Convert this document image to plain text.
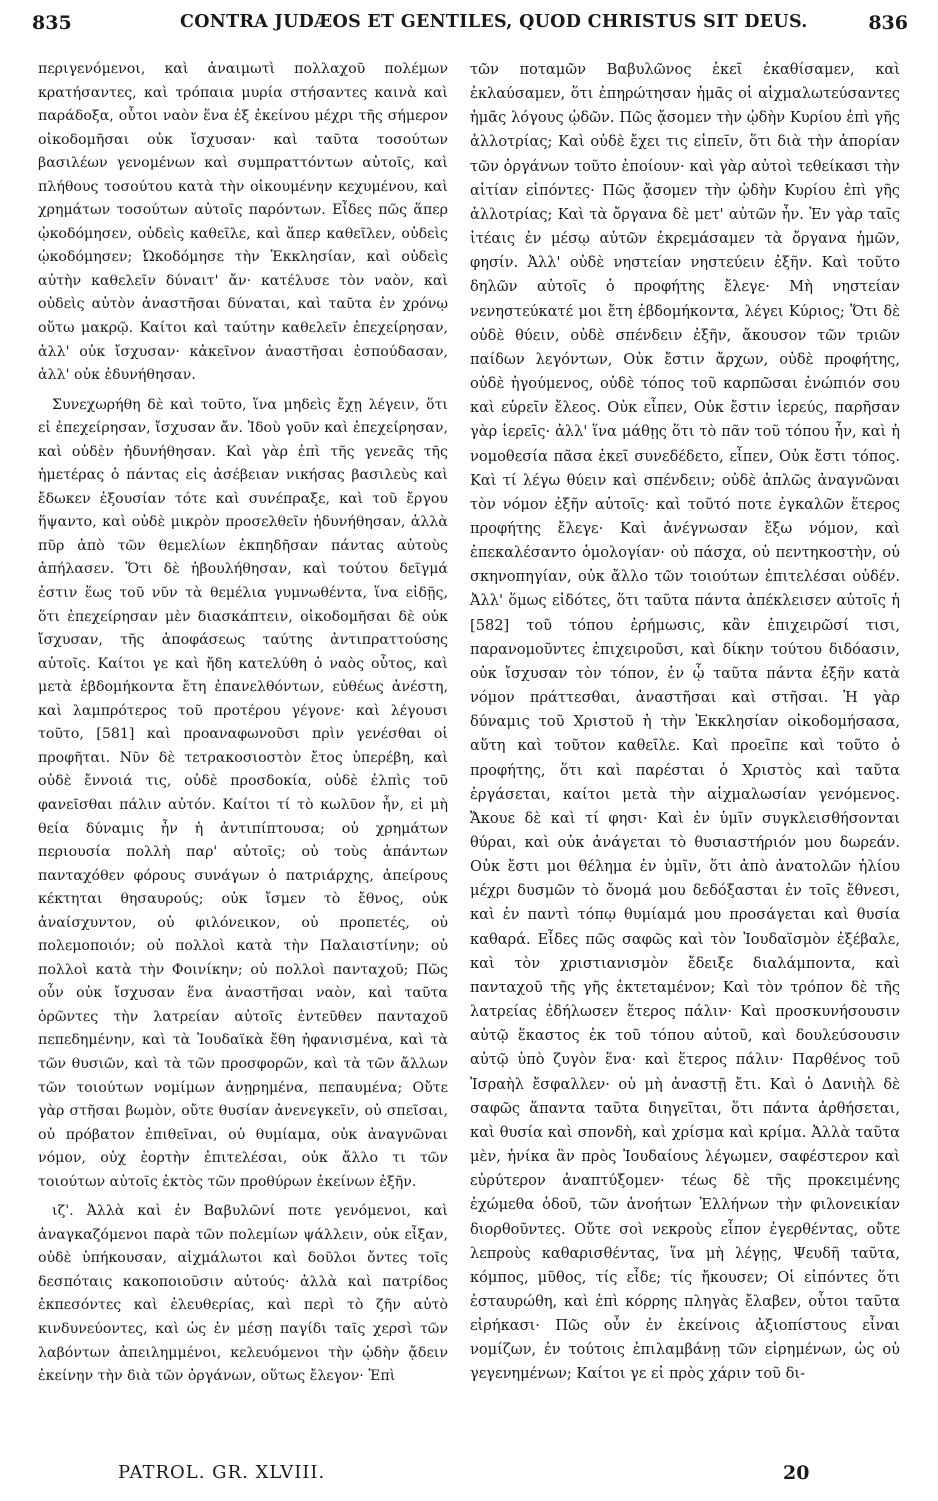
835	CONTRA JUDÆOS ET GENTILES, QUOD CHRISTUS SIT DEUS.	836

περιγενόμενοι, καὶ ἀναιμωτὶ πολλαχοῦ πολέμων κρατήσαντες, καὶ τρόπαια μυρία στήσαντες καινὰ καὶ παράδοξα, οὗτοι ναὸν ἕνα ἐξ ἐκείνου μέχρι τῆς σήμερον οἰκοδομῆσαι οὐκ ἴσχυσαν· καὶ ταῦτα τοσούτων βασιλέων γενομένων καὶ συμπραττόντων αὐτοῖς, καὶ πλήθους τοσούτου κατὰ τὴν οἰκουμένην κεχυμένου, καὶ χρημάτων τοσούτων αὐτοῖς παρόντων. Εἶδες πῶς ἅπερ ᾠκοδόμησεν, οὐδεὶς καθεῖλε, καὶ ἅπερ καθεῖλεν, οὐδεὶς ᾠκοδόμησεν; Ὠκοδόμησε τὴν Ἐκκλησίαν, καὶ οὐδεὶς αὐτὴν καθελεῖν δύναιτ' ἄν· κατέλυσε τὸν ναὸν, καὶ οὐδεὶς αὐτὸν ἀναστῆσαι δύναται, καὶ ταῦτα ἐν χρόνῳ οὕτω μακρῷ. Καίτοι καὶ ταύτην καθελεῖν ἐπεχείρησαν, ἀλλ' οὐκ ἴσχυσαν· κἀκεῖνον ἀναστῆσαι ἐσπούδασαν, ἀλλ' οὐκ ἐδυνήθησαν.

Συνεχωρήθη δὲ καὶ τοῦτο, ἵνα μηδεὶς ἔχῃ λέγειν, ὅτι εἰ ἐπεχείρησαν, ἴσχυσαν ἄν. Ἰδοὺ γοῦν καὶ ἐπεχείρησαν, καὶ οὐδὲν ἠδυνήθησαν. Καὶ γὰρ ἐπὶ τῆς γενεᾶς τῆς ἡμετέρας ὁ πάντας εἰς ἀσέβειαν νικήσας βασιλεὺς καὶ ἔδωκεν ἐξουσίαν τότε καὶ συνέπραξε, καὶ τοῦ ἔργου ἥψαντο, καὶ οὐδὲ μικρὸν προσελθεῖν ἠδυνήθησαν, ἀλλὰ πῦρ ἀπὸ τῶν θεμελίων ἐκπηδῆσαν πάντας αὐτοὺς ἀπήλασεν. Ὅτι δὲ ἠβουλήθησαν, καὶ τούτου δεῖγμά ἐστιν ἕως τοῦ νῦν τὰ θεμέλια γυμνωθέντα, ἵνα εἰδῇς, ὅτι ἐπεχείρησαν μὲν διασκάπτειν, οἰκοδομῆσαι δὲ οὐκ ἴσχυσαν, τῆς ἀποφάσεως ταύτης ἀντιπραττούσης αὐτοῖς. Καίτοι γε καὶ ἤδη κατελύθη ὁ ναὸς οὗτος, καὶ μετὰ ἑβδομήκοντα ἔτη ἐπανελθόντων, εὐθέως ἀνέστη, καὶ λαμπρότερος τοῦ προτέρου γέγονε· καὶ λέγουσι τοῦτο, [581] καὶ προαναφωνοῦσι πρὶν γενέσθαι οἱ προφῆται. Νῦν δὲ τετρακοσιοστὸν ἔτος ὑπερέβη, καὶ οὐδὲ ἔννοιά τις, οὐδὲ προσδοκία, οὐδὲ ἐλπὶς τοῦ φανεῖσθαι πάλιν αὐτόν. Καίτοι τί τὸ κωλῦον ἦν, εἰ μὴ θεία δύναμις ἦν ἡ ἀντιπίπτουσα; οὐ χρημάτων περιουσία πολλὴ παρ' αὐτοῖς; οὐ τοὺς ἁπάντων πανταχόθεν φόρους συνάγων ὁ πατριάρχης, ἀπείρους κέκτηται θησαυρούς; οὐκ ἴσμεν τὸ ἔθνος, οὐκ ἀναίσχυντον, οὐ φιλόνεικον, οὐ προπετές, οὐ πολεμοποιόν; οὐ πολλοὶ κατὰ τὴν Παλαιστίνην; οὐ πολλοὶ κατὰ τὴν Φοινίκην; οὐ πολλοὶ πανταχοῦ; Πῶς οὖν οὐκ ἴσχυσαν ἕνα ἀναστῆσαι ναὸν, καὶ ταῦτα ὁρῶντες τὴν λατρείαν αὐτοῖς ἐντεῦθεν πανταχοῦ πεπεδημένην, καὶ τὰ Ἰουδαϊκὰ ἔθη ἠφανισμένα, καὶ τὰ τῶν θυσιῶν, καὶ τὰ τῶν προσφορῶν, καὶ τὰ τῶν ἄλλων τῶν τοιούτων νομίμων ἀνῃρημένα, πεπαυμένα; Οὔτε γὰρ στῆσαι βωμὸν, οὔτε θυσίαν ἀνενεγκεῖν, οὐ σπεῖσαι, οὐ πρόβατον ἐπιθεῖναι, οὐ θυμίαμα, οὐκ ἀναγνῶναι νόμον, οὐχ ἑορτὴν ἐπιτελέσαι, οὐκ ἄλλο τι τῶν τοιούτων αὐτοῖς ἐκτὸς τῶν προθύρων ἐκείνων ἐξῆν.

ιζ'. Ἀλλὰ καὶ ἐν Βαβυλῶνί ποτε γενόμενοι, καὶ ἀναγκαζόμενοι παρὰ τῶν πολεμίων ψάλλειν, οὐκ εἶξαν, οὐδὲ ὑπήκουσαν, αἰχμάλωτοι καὶ δοῦλοι ὄντες τοῖς δεσπόταις κακοποιοῦσιν αὐτούς· ἀλλὰ καὶ πατρίδος ἐκπεσόντες καὶ ἐλευθερίας, καὶ περὶ τὸ ζῆν αὐτὸ κινδυνεύοντες, καὶ ὡς ἐν μέσῃ παγίδι ταῖς χερσὶ τῶν λαβόντων ἀπειλημμένοι, κελευόμενοι τὴν ᾠδὴν ᾄδειν ἐκείνην τὴν διὰ τῶν ὀργάνων, οὕτως ἔλεγον· Ἐπὶ

τῶν ποταμῶν Βαβυλῶνος ἐκεῖ ἐκαθίσαμεν, καὶ ἐκλαύσαμεν, ὅτι ἐπηρώτησαν ἡμᾶς οἱ αἰχμαλωτεύσαντες ἡμᾶς λόγους ᾠδῶν. Πῶς ᾄσομεν τὴν ᾠδὴν Κυρίου ἐπὶ γῆς ἀλλοτρίας; Καὶ οὐδὲ ἔχει τις εἰπεῖν, ὅτι διὰ τὴν ἀπορίαν τῶν ὀργάνων τοῦτο ἐποίουν· καὶ γὰρ αὐτοὶ τεθείκασι τὴν αἰτίαν εἰπόντες· Πῶς ᾄσομεν τὴν ᾠδὴν Κυρίου ἐπὶ γῆς ἀλλοτρίας; Καὶ τὰ ὄργανα δὲ μετ' αὐτῶν ἦν. Ἐν γὰρ ταῖς ἰτέαις ἐν μέσῳ αὐτῶν ἐκρεμάσαμεν τὰ ὄργανα ἡμῶν, φησίν. Ἀλλ' οὐδὲ νηστείαν νηστεύειν ἐξῆν. Καὶ τοῦτο δηλῶν αὐτοῖς ὁ προφήτης ἔλεγε· Μὴ νηστείαν νενηστεύκατέ μοι ἔτη ἑβδομήκοντα, λέγει Κύριος; Ὅτι δὲ οὐδὲ θύειν, οὐδὲ σπένδειν ἐξῆν, ἄκουσον τῶν τριῶν παίδων λεγόντων, Οὐκ ἔστιν ἄρχων, οὐδὲ προφήτης, οὐδὲ ἡγούμενος, οὐδὲ τόπος τοῦ καρπῶσαι ἐνώπιόν σου καὶ εὑρεῖν ἔλεος. Οὐκ εἶπεν, Οὐκ ἔστιν ἱερεύς, παρῆσαν γὰρ ἱερεῖς· ἀλλ' ἵνα μάθῃς ὅτι τὸ πᾶν τοῦ τόπου ἦν, καὶ ἡ νομοθεσία πᾶσα ἐκεῖ συνεδέδετο, εἶπεν, Οὐκ ἔστι τόπος. Καὶ τί λέγω θύειν καὶ σπένδειν; οὐδὲ ἁπλῶς ἀναγνῶναι τὸν νόμον ἐξῆν αὐτοῖς· καὶ τοῦτό ποτε ἐγκαλῶν ἕτερος προφήτης ἔλεγε· Καὶ ἀνέγνωσαν ἔξω νόμον, καὶ ἐπεκαλέσαντο ὁμολογίαν· οὐ πάσχα, οὐ πεντηκοστὴν, οὐ σκηνοπηγίαν, οὐκ ἄλλο τῶν τοιούτων ἐπιτελέσαι οὐδέν. Ἀλλ' ὅμως εἰδότες, ὅτι ταῦτα πάντα ἀπέκλεισεν αὐτοῖς ἡ [582] τοῦ τόπου ἐρήμωσις, κἂν ἐπιχειρῶσί τισι, παρανομοῦντες ἐπιχειροῦσι, καὶ δίκην τούτου διδόασιν, οὐκ ἴσχυσαν τὸν τόπον, ἐν ᾧ ταῦτα πάντα ἐξῆν κατὰ νόμον πράττεσθαι, ἀναστῆσαι καὶ στῆσαι. Ἡ γὰρ δύναμις τοῦ Χριστοῦ ἡ τὴν Ἐκκλησίαν οἰκοδομήσασα, αὕτη καὶ τοῦτον καθεῖλε. Καὶ προεῖπε καὶ τοῦτο ὁ προφήτης, ὅτι καὶ παρέσται ὁ Χριστὸς καὶ ταῦτα ἐργάσεται, καίτοι μετὰ τὴν αἰχμαλωσίαν γενόμενος. Ἄκουε δὲ καὶ τί φησι· Καὶ ἐν ὑμῖν συγκλεισθήσονται θύραι, καὶ οὐκ ἀνάγεται τὸ θυσιαστήριόν μου δωρεάν. Οὐκ ἔστι μοι θέλημα ἐν ὑμῖν, ὅτι ἀπὸ ἀνατολῶν ἡλίου μέχρι δυσμῶν τὸ ὄνομά μου δεδόξασται ἐν τοῖς ἔθνεσι, καὶ ἐν παντὶ τόπῳ θυμίαμά μου προσάγεται καὶ θυσία καθαρά. Εἶδες πῶς σαφῶς καὶ τὸν Ἰουδαϊσμὸν ἐξέβαλε, καὶ τὸν χριστιανισμὸν ἔδειξε διαλάμποντα, καὶ πανταχοῦ τῆς γῆς ἐκτεταμένον; Καὶ τὸν τρόπον δὲ τῆς λατρείας ἐδήλωσεν ἕτερος πάλιν· Καὶ προσκυνήσουσιν αὐτῷ ἕκαστος ἐκ τοῦ τόπου αὐτοῦ, καὶ δουλεύσουσιν αὐτῷ ὑπὸ ζυγὸν ἕνα· καὶ ἕτερος πάλιν· Παρθένος τοῦ Ἰσραὴλ ἔσφαλλεν· οὐ μὴ ἀναστῇ ἔτι. Καὶ ὁ Δανιὴλ δὲ σαφῶς ἅπαντα ταῦτα διηγεῖται, ὅτι πάντα ἀρθήσεται, καὶ θυσία καὶ σπονδὴ, καὶ χρίσμα καὶ κρίμα. Ἀλλὰ ταῦτα μὲν, ἡνίκα ἂν πρὸς Ἰουδαίους λέγωμεν, σαφέστερον καὶ εὐρύτερον ἀναπτύξομεν· τέως δὲ τῆς προκειμένης ἐχώμεθα ὁδοῦ, τῶν ἀνοήτων Ἑλλήνων τὴν φιλονεικίαν διορθοῦντες. Οὔτε σοὶ νεκροὺς εἶπον ἐγερθέντας, οὔτε λεπροὺς καθαρισθέντας, ἵνα μὴ λέγῃς, Ψευδῆ ταῦτα, κόμπος, μῦθος, τίς εἶδε; τίς ἤκουσεν; Οἱ εἰπόντες ὅτι ἐσταυρώθη, καὶ ἐπὶ κόρρης πληγὰς ἔλαβεν, οὗτοι ταῦτα εἰρήκασι· Πῶς οὖν ἐν ἐκείνοις ἀξιοπίστους εἶναι νομίζων, ἐν τούτοις ἐπιλαμβάνῃ τῶν εἰρημένων, ὡς οὐ γεγενημένων; Καίτοι γε εἰ πρὸς χάριν τοῦ δι-

PATROL. GR. XLVIII.	20
